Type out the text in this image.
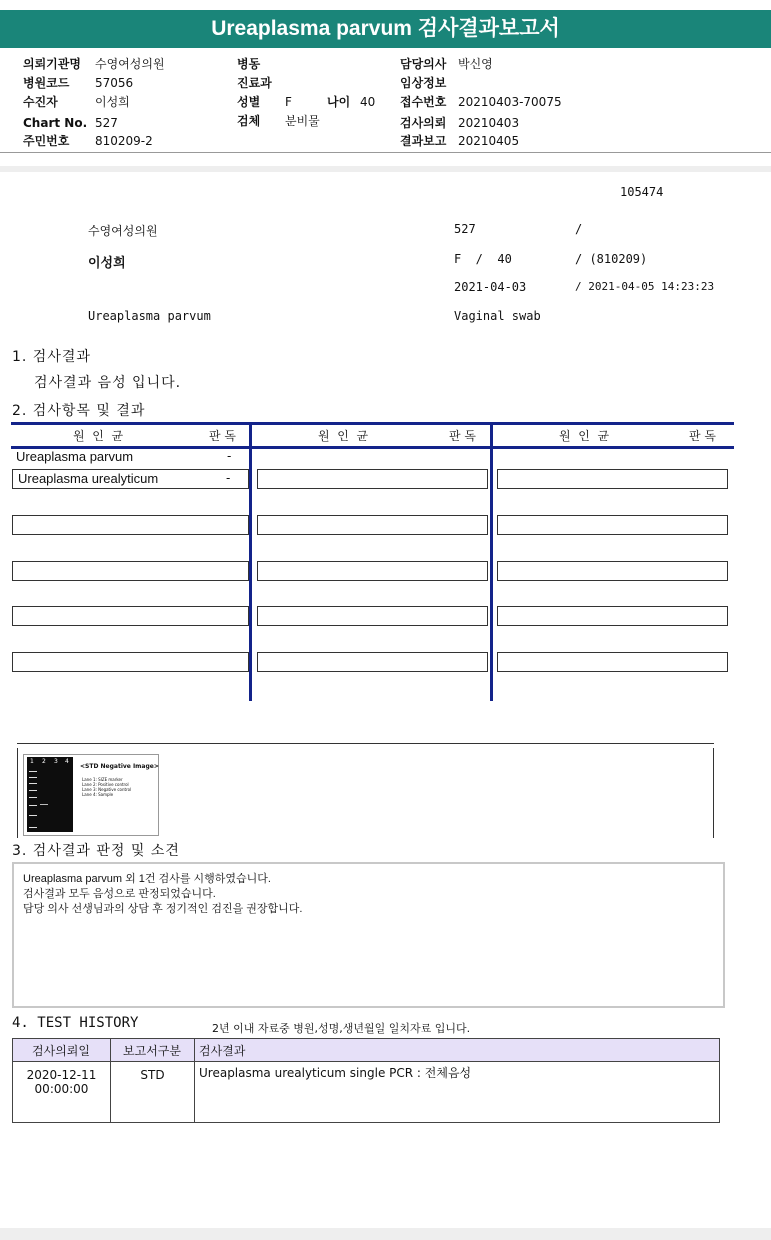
Ureaplasma parvum 검사결과보고서
의뢰기관명 수영여성의원
병원코드 57056
수진자	이성희
Chart No. 527
주민번호 810209-2
병동
진료과
성별 F	나이 40
검체 분비물
담당의사 박신영
임상정보
접수번호 20210403-70075
검사의뢰 20210403
결과보고 20210405
105474
수영여성의원	527	/
이성희	F  /  40	/ (810209)
2021-04-03	/ 2021-04-05 14:23:23
Ureaplasma parvum	Vaginal swab
1. 검사결과
검사결과 음성 입니다.
2. 검사항목 및 결과
원  인  균	판 독	원  인  균	판 독	원  인  균	판 독
Ureaplasma parvum	-
Ureaplasma urealyticum	-
1 2 3 4
<STD Negative Image>
Lane 1: SIZE marker
Lane 2: Positive control
Lane 3: Negative control
Lane 4: Sample
3. 검사결과 판정 및 소견
Ureaplasma parvum 외 1건 검사를 시행하였습니다.
검사결과 모두 음성으로 판정되었습니다.
담당 의사 선생님과의 상담 후 정기적인 검진을 권장합니다.
4. TEST HISTORY	2년 이내 자료중 병원,성명,생년월일 일치자료 입니다.
검사의뢰일	보고서구분	검사결과
2020-12-11 00:00:00	STD	Ureaplasma urealyticum single PCR : 전체음성
